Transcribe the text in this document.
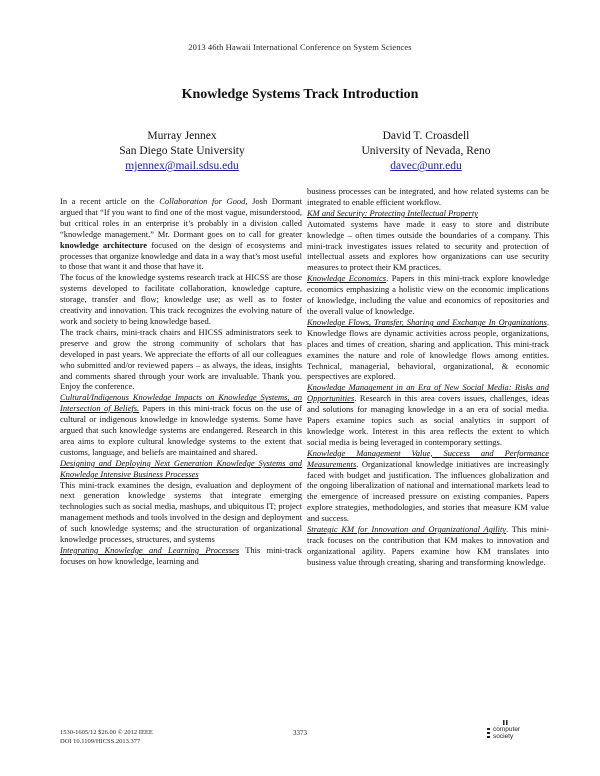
2013 46th Hawaii International Conference on System Sciences
Knowledge Systems Track Introduction
Murray Jennex
San Diego State University
mjennex@mail.sdsu.edu
David T. Croasdell
University of Nevada, Reno
davec@unr.edu

In a recent article on the Collaboration for Good, Josh Dormant argued that “If you want to find one of the most vague, misunderstood, but critical roles in an enterprise it’s probably in a division called “knowledge management.” Mr. Dormant goes on to call for greater knowledge architecture focused on the design of ecosystems and processes that organize knowledge and data in a way that’s most useful to those that want it and those that have it.

The focus of the knowledge systems research track at HICSS are those systems developed to facilitate collaboration, knowledge capture, storage, transfer and flow; knowledge use; as well as to foster creativity and innovation. This track recognizes the evolving nature of work and society to being knowledge based.

The track chairs, mini-track chairs and HICSS administrators seek to preserve and grow the strong community of scholars that has developed in past years. We appreciate the efforts of all our colleagues who submitted and/or reviewed papers – as always, the ideas, insights and comments shared through your work are invaluable. Thank you. Enjoy the conference.

Cultural/Indigenous Knowledge Impacts on Knowledge Systems, an Intersection of Beliefs. Papers in this mini-track focus on the use of cultural or indigenous knowledge in knowledge systems. Some have argued that such knowledge systems are endangered. Research in this area aims to explore cultural knowledge systems to the extent that customs, language, and beliefs are maintained and shared.

Designing and Deploying Next Generation Knowledge Systems and Knowledge Intensive Business Processes

This mini-track examines the design, evaluation and deployment of next generation knowledge systems that integrate emerging technologies such as social media, mashups, and ubiquitous IT; project management methods and tools involved in the design and deployment of such knowledge systems; and the structuration of organizational knowledge processes, structures, and systems

Integrating Knowledge and Learning Processes This mini-track focuses on how knowledge, learning and

business processes can be integrated, and how related systems can be integrated to enable efficient workflow.

KM and Security: Protecting Intellectual Property

Automated systems have made it easy to store and distribute knowledge – often times outside the boundaries of a company. This mini-track investigates issues related to security and protection of intellectual assets and explores how organizations can use security measures to protect their KM practices.

Knowledge Economics. Papers in this mini-track explore knowledge economics emphasizing a holistic view on the economic implications of knowledge, including the value and economics of repositories and the overall value of knowledge.

Knowledge Flows, Transfer, Sharing and Exchange In Organizations. Knowledge flows are dynamic activities across people, organizations, places and times of creation, sharing and application. This mini-track examines the nature and role of knowledge flows among entities. Technical, managerial, behavioral, organizational, & economic perspectives are explored.

Knowledge Management in an Era of New Social Media: Risks and Opportunities. Research in this area covers issues, challenges, ideas and solutions for managing knowledge in a an era of social media. Papers examine topics such as social analytics in support of knowledge work. Interest in this area reflects the extent to which social media is being leveraged in contemporary settings.

Knowledge Management Value, Success and Performance Measurements. Organizational knowledge initiatives are increasingly faced with budget and justification. The influences globalization and the ongoing liberalization of national and international markets lead to the emergence of increased pressure on existing companies. Papers explore strategies, methodologies, and stories that measure KM value and success.

Strategic KM for Innovation and Organizational Agility. This mini-track focuses on the contribution that KM makes to innovation and organizational agility. Papers examine how KM translates into business value through creating, sharing and transforming knowledge.

1530-1605/12 $26.00 © 2012 IEEE
DOI 10.1109/HICSS.2013.377
3373	computer
society
